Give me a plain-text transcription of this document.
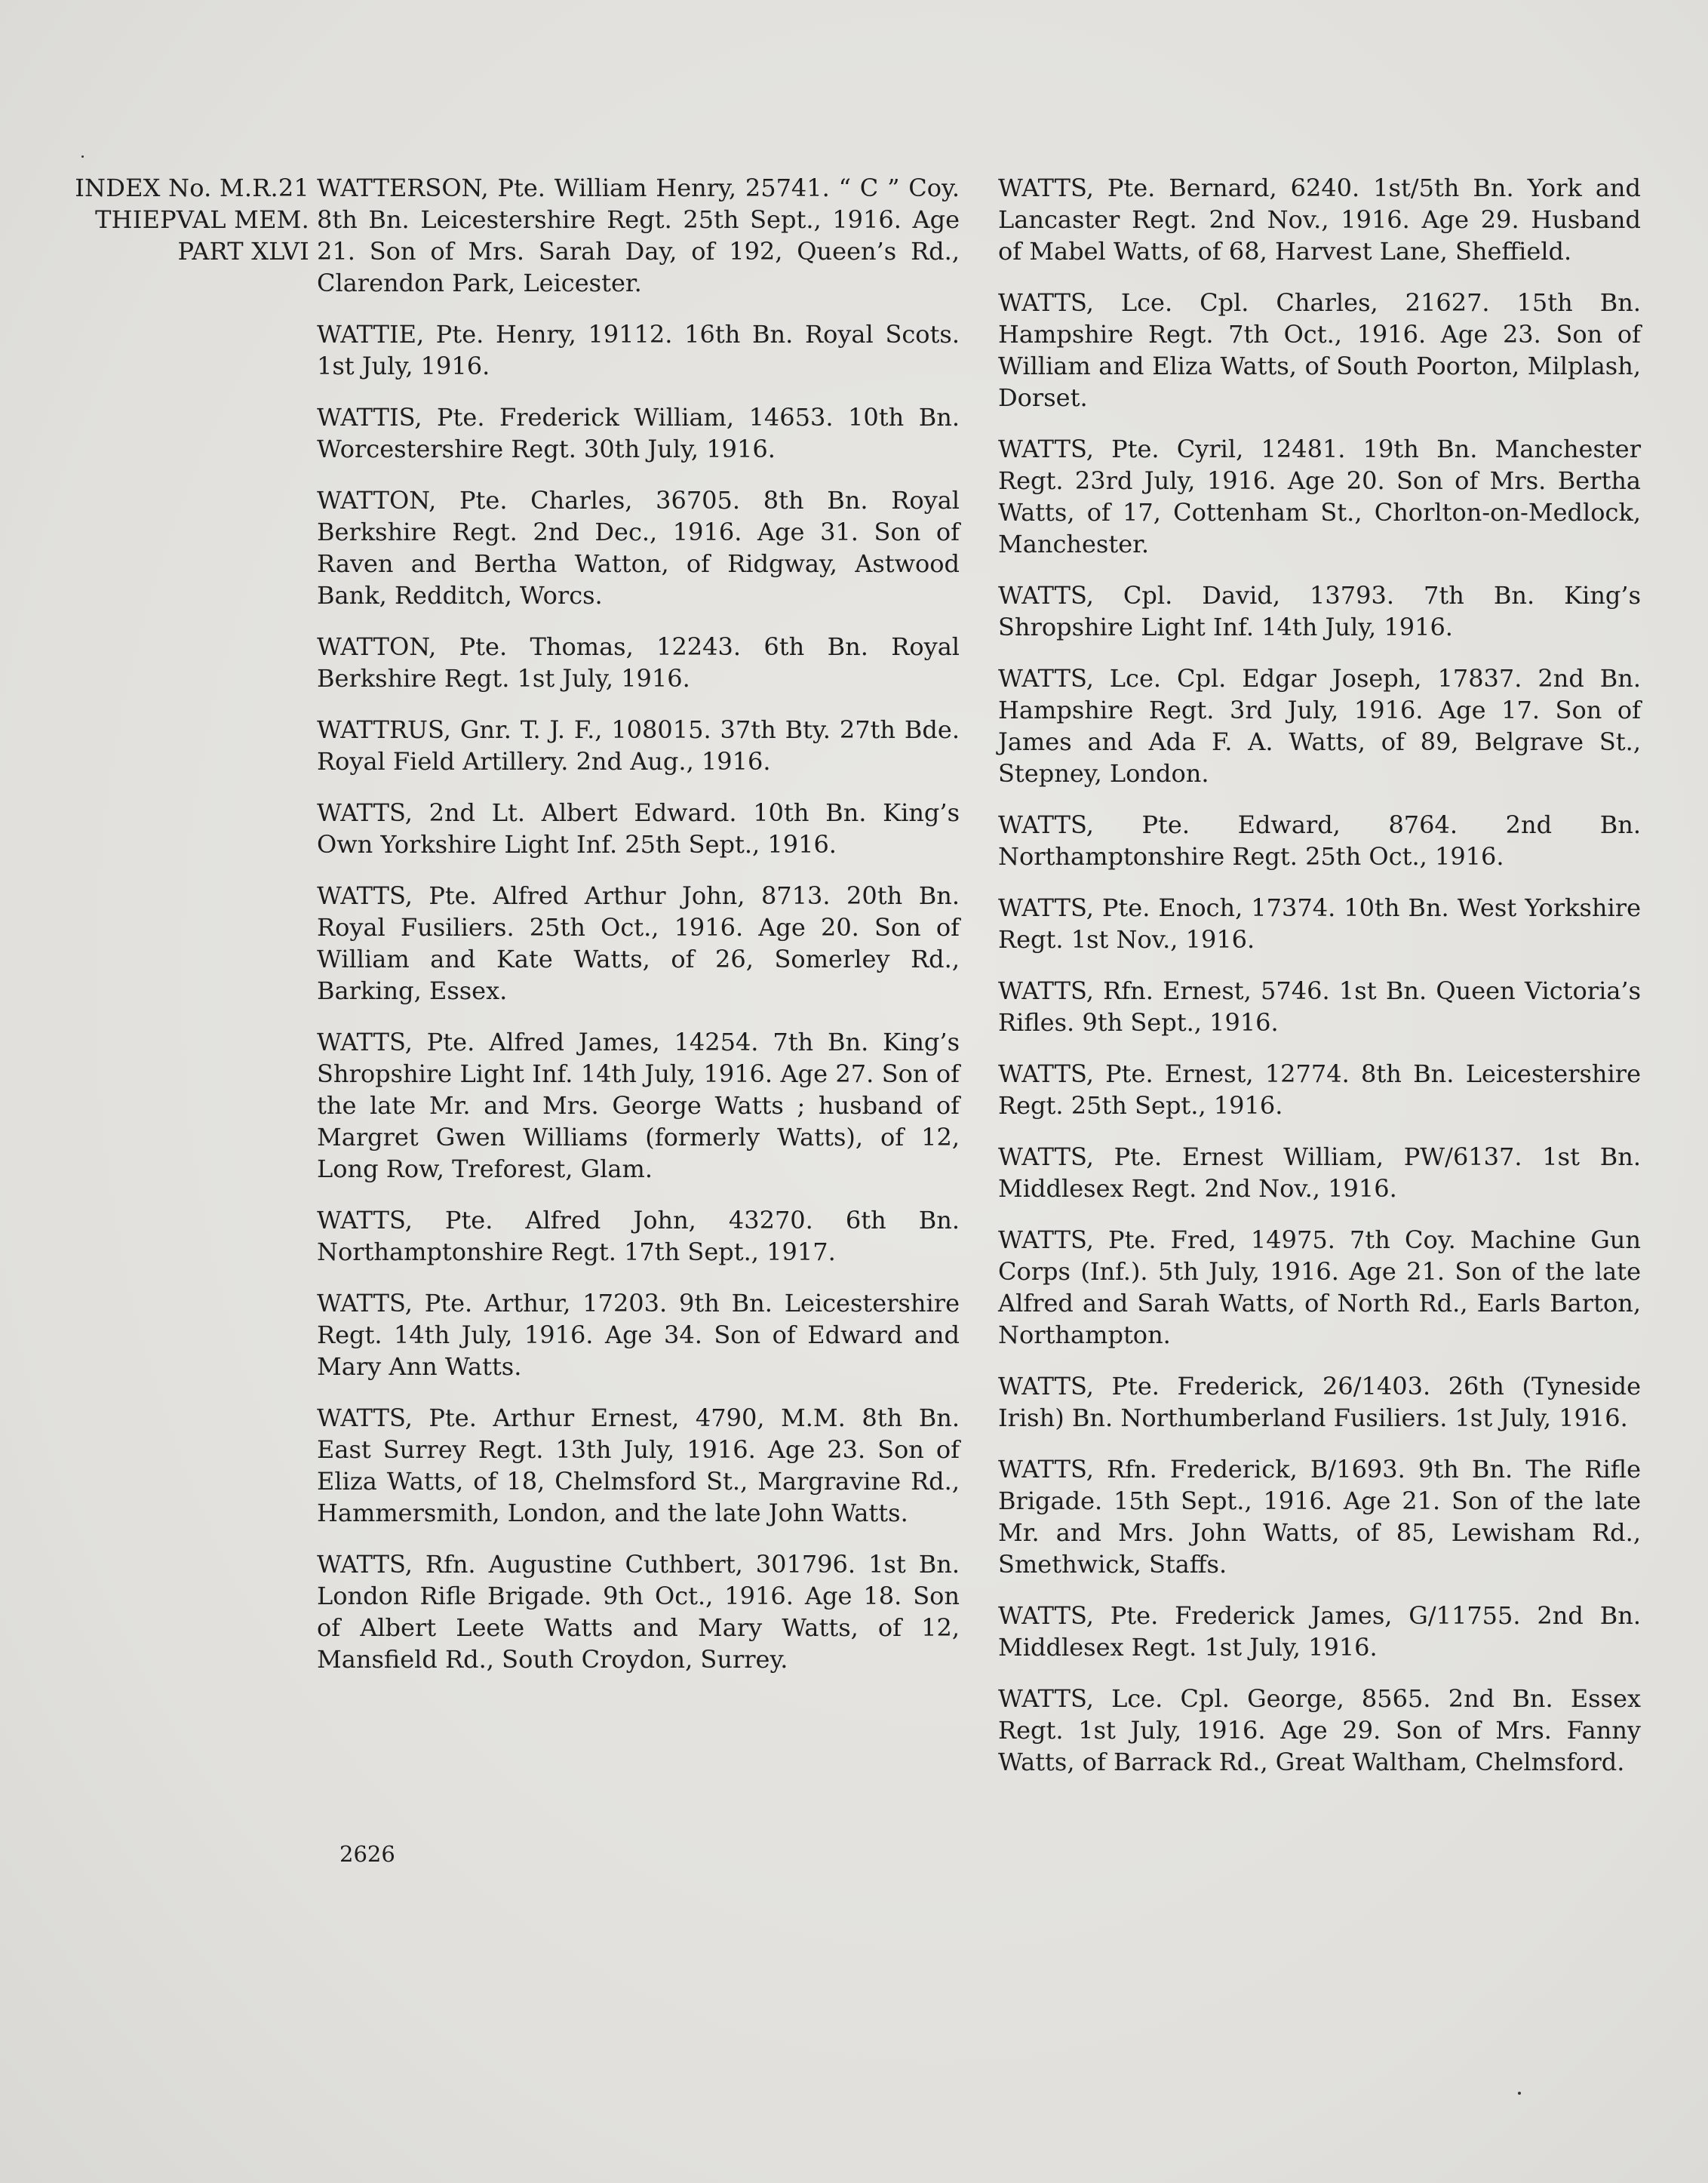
INDEX No. M.R.21
THIEPVAL MEM.
PART XLVI

WATTERSON, Pte. William Henry, 25741. “ C ” Coy. 8th Bn. Leicestershire Regt. 25th Sept., 1916. Age 21. Son of Mrs. Sarah Day, of 192, Queen’s Rd., Clarendon Park, Leicester.

WATTIE, Pte. Henry, 19112. 16th Bn. Royal Scots. 1st July, 1916.

WATTIS, Pte. Frederick William, 14653. 10th Bn. Worcestershire Regt. 30th July, 1916.

WATTON, Pte. Charles, 36705. 8th Bn. Royal Berkshire Regt. 2nd Dec., 1916. Age 31. Son of Raven and Bertha Watton, of Ridgway, Astwood Bank, Redditch, Worcs.

WATTON, Pte. Thomas, 12243. 6th Bn. Royal Berkshire Regt. 1st July, 1916.

WATTRUS, Gnr. T. J. F., 108015. 37th Bty. 27th Bde. Royal Field Artillery. 2nd Aug., 1916.

WATTS, 2nd Lt. Albert Edward. 10th Bn. King’s Own Yorkshire Light Inf. 25th Sept., 1916.

WATTS, Pte. Alfred Arthur John, 8713. 20th Bn. Royal Fusiliers. 25th Oct., 1916. Age 20. Son of William and Kate Watts, of 26, Somerley Rd., Barking, Essex.

WATTS, Pte. Alfred James, 14254. 7th Bn. King’s Shropshire Light Inf. 14th July, 1916. Age 27. Son of the late Mr. and Mrs. George Watts ; husband of Margret Gwen Williams (formerly Watts), of 12, Long Row, Treforest, Glam.

WATTS, Pte. Alfred John, 43270. 6th Bn. Northamptonshire Regt. 17th Sept., 1917.

WATTS, Pte. Arthur, 17203. 9th Bn. Leicestershire Regt. 14th July, 1916. Age 34. Son of Edward and Mary Ann Watts.

WATTS, Pte. Arthur Ernest, 4790, M.M. 8th Bn. East Surrey Regt. 13th July, 1916. Age 23. Son of Eliza Watts, of 18, Chelmsford St., Margravine Rd., Hammersmith, London, and the late John Watts.

WATTS, Rfn. Augustine Cuthbert, 301796. 1st Bn. London Rifle Brigade. 9th Oct., 1916. Age 18. Son of Albert Leete Watts and Mary Watts, of 12, Mansfield Rd., South Croydon, Surrey.

WATTS, Pte. Bernard, 6240. 1st/5th Bn. York and Lancaster Regt. 2nd Nov., 1916. Age 29. Husband of Mabel Watts, of 68, Harvest Lane, Sheffield.

WATTS, Lce. Cpl. Charles, 21627. 15th Bn. Hampshire Regt. 7th Oct., 1916. Age 23. Son of William and Eliza Watts, of South Poorton, Milplash, Dorset.

WATTS, Pte. Cyril, 12481. 19th Bn. Manchester Regt. 23rd July, 1916. Age 20. Son of Mrs. Bertha Watts, of 17, Cottenham St., Chorlton-on-Medlock, Manchester.

WATTS, Cpl. David, 13793. 7th Bn. King’s Shropshire Light Inf. 14th July, 1916.

WATTS, Lce. Cpl. Edgar Joseph, 17837. 2nd Bn. Hampshire Regt. 3rd July, 1916. Age 17. Son of James and Ada F. A. Watts, of 89, Belgrave St., Stepney, London.

WATTS, Pte. Edward, 8764. 2nd Bn. Northamptonshire Regt. 25th Oct., 1916.

WATTS, Pte. Enoch, 17374. 10th Bn. West Yorkshire Regt. 1st Nov., 1916.

WATTS, Rfn. Ernest, 5746. 1st Bn. Queen Victoria’s Rifles. 9th Sept., 1916.

WATTS, Pte. Ernest, 12774. 8th Bn. Leicestershire Regt. 25th Sept., 1916.

WATTS, Pte. Ernest William, PW/6137. 1st Bn. Middlesex Regt. 2nd Nov., 1916.

WATTS, Pte. Fred, 14975. 7th Coy. Machine Gun Corps (Inf.). 5th July, 1916. Age 21. Son of the late Alfred and Sarah Watts, of North Rd., Earls Barton, Northampton.

WATTS, Pte. Frederick, 26/1403. 26th (Tyneside Irish) Bn. Northumberland Fusiliers. 1st July, 1916.

WATTS, Rfn. Frederick, B/1693. 9th Bn. The Rifle Brigade. 15th Sept., 1916. Age 21. Son of the late Mr. and Mrs. John Watts, of 85, Lewisham Rd., Smethwick, Staffs.

WATTS, Pte. Frederick James, G/11755. 2nd Bn. Middlesex Regt. 1st July, 1916.

WATTS, Lce. Cpl. George, 8565. 2nd Bn. Essex Regt. 1st July, 1916. Age 29. Son of Mrs. Fanny Watts, of Barrack Rd., Great Waltham, Chelmsford.

2626
